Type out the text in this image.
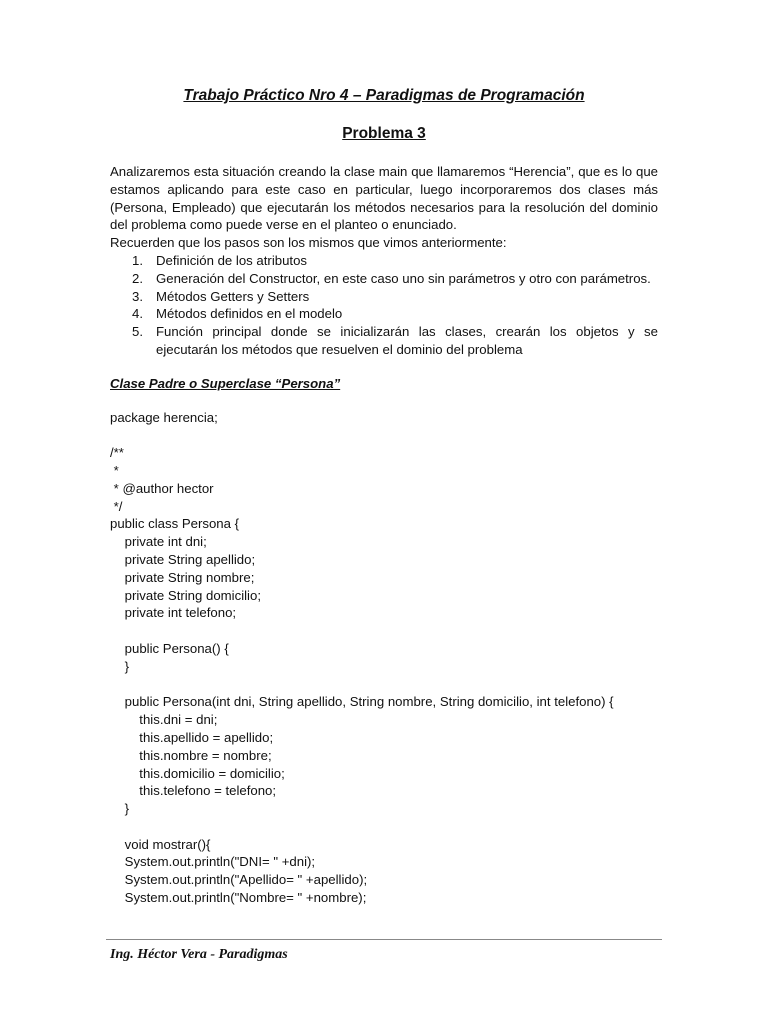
Trabajo Práctico Nro 4 – Paradigmas de Programación
Problema 3

Analizaremos esta situación creando la clase main que llamaremos “Herencia”, que es lo que estamos aplicando para este caso en particular, luego incorporaremos dos clases más (Persona, Empleado) que ejecutarán los métodos necesarios para la resolución del dominio del problema como puede verse en el planteo o enunciado.

Recuerden que los pasos son los mismos que vimos anteriormente:

1. Definición de los atributos
2. Generación del Constructor, en este caso uno sin parámetros y otro con parámetros.
3. Métodos Getters y Setters
4. Métodos definidos en el modelo
5. Función principal donde se inicializarán las clases, crearán los objetos y se ejecutarán los métodos que resuelven el dominio del problema
Clase Padre o Superclase “Persona”
package herencia;
/**
*
* @author hector
*/
public class Persona {
private int dni;
private String apellido;
private String nombre;
private String domicilio;
private int telefono;
public Persona() {
}
public Persona(int dni, String apellido, String nombre, String domicilio, int telefono) {
this.dni = dni;
this.apellido = apellido;
this.nombre = nombre;
this.domicilio = domicilio;
this.telefono = telefono;
}
void mostrar(){
System.out.println("DNI= " +dni);
System.out.println("Apellido= " +apellido);
System.out.println("Nombre= " +nombre);
Ing. Héctor Vera - Paradigmas
